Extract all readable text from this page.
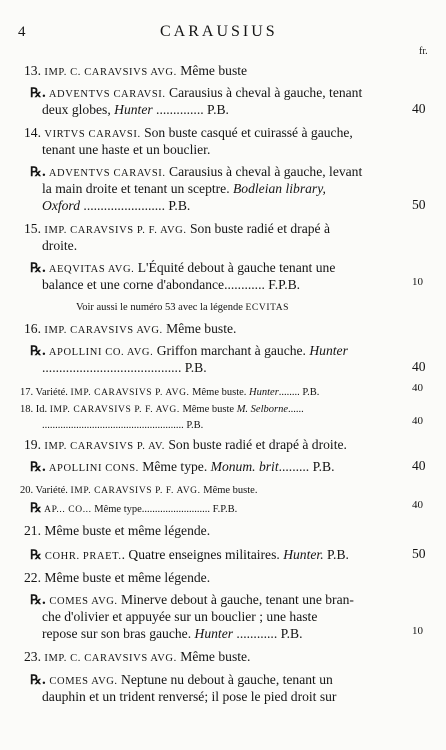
4	CARAUSIUS
fr.
13. IMP. C. CARAVSIVS AVG. Même buste
℞. ADVENTVS CARAVSI. Carausius à cheval à gauche, tenant
deux globes, Hunter .............. P.B.
14. VIRTVS CARAVSI. Son buste casqué et cuirassé à gauche,
tenant une haste et un bouclier.
℞. ADVENTVS CARAVSI. Carausius à cheval à gauche, levant
la main droite et tenant un sceptre. Bodleian library,
Oxford ........................ P.B.
15. IMP. CARAVSIVS P. F. AVG. Son buste radié et drapé à
droite.
℞. AEQVITAS AVG. L'Équité debout à gauche tenant une
balance et une corne d'abondance............ F.P.B.
Voir aussi le numéro 53 avec la légende ECVITAS
16. IMP. CARAVSIVS AVG. Même buste.
℞. APOLLINI CO. AVG. Griffon marchant à gauche. Hunter
......................................... P.B.
17. Variété. IMP. CARAVSIVS P. AVG. Même buste. Hunter........ P.B.
18. Id. IMP. CARAVSIVS P. F. AVG. Même buste M. Selborne......
...................................................... P.B.
19. IMP. CARAVSIVS P. AV. Son buste radié et drapé à droite.
℞. APOLLINI CONS. Même type. Monum. brit......... P.B.
20. Variété. IMP. CARAVSIVS P. F. AVG. Même buste.
℞ AP... CO... Même type.......................... F.P.B.
21. Même buste et même légende.
℞ COHR. PRAET.. Quatre enseignes militaires. Hunter. P.B.
22. Même buste et même légende.
℞. COMES AVG. Minerve debout à gauche, tenant une bran-
che d'olivier et appuyée sur un bouclier ; une haste
repose sur son bras gauche. Hunter ............ P.B.
23. IMP. C. CARAVSIVS AVG. Même buste.
℞. COMES AVG. Neptune nu debout à gauche, tenant un
dauphin et un trident renversé; il pose le pied droit sur
40
50
10
40
40
40
40
40
50
10
